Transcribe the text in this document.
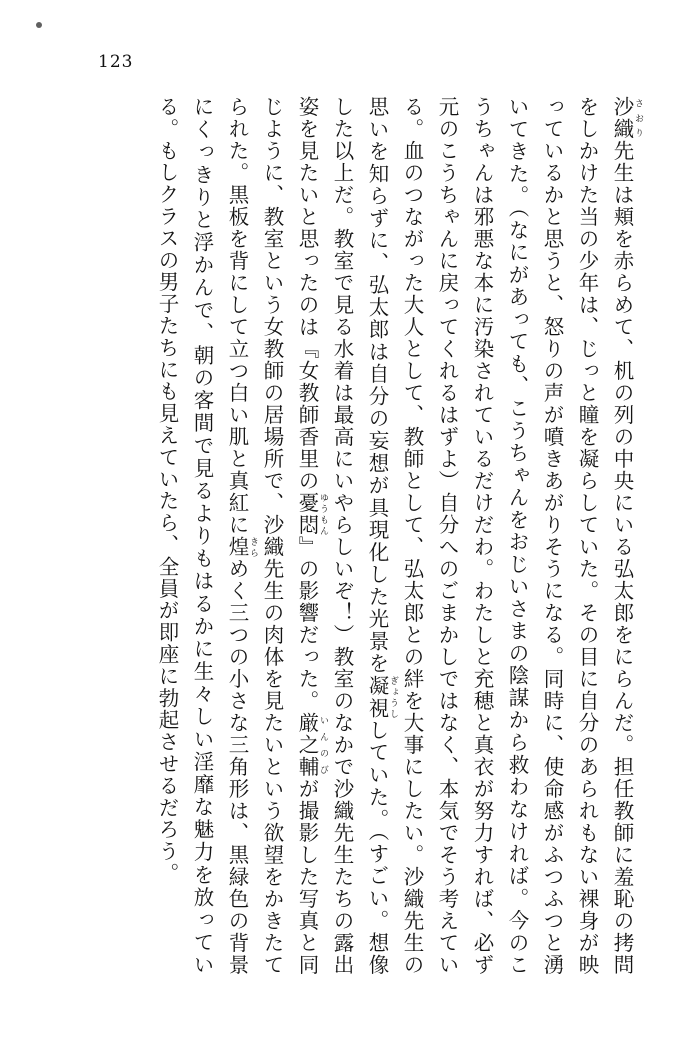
123

沙織 さおり先生は頬を赤らめて、机の列の中央にいる弘太郎をにらんだ。担任教師に羞恥の拷問をしかけた当の少年は、じっと瞳を凝らしていた。その目に自分のあられもない裸身が映っているかと思うと、怒りの声が噴きあがりそうになる。同時に、使命感がふつふつと湧いてきた。（なにがあっても、こうちゃんをおじいさまの陰謀から救わなければ。今のこうちゃんは邪悪な本に汚染されているだけだわ。わたしと充穂と真衣が努力すれば、必ず元のこうちゃんに戻ってくれるはずよ）自分へのごまかしではなく、本気でそう考えている。血のつながった大人として、教師として、弘太郎との絆を大事にしたい。沙織先生の思いを知らずに、弘太郎は自分の妄想が具現化した光景を凝視 ぎょうししていた。（すごい。想像した以上だ。教室で見る水着は最高にいやらしいぞ！）教室のなかで沙織先生たちの露出姿を見たいと思ったのは『女教師香里の憂悶 ゆうもん』の影響だった。厳之輔 いんのびが撮影した写真と同じように、教室という女教師の居場所で、沙織先生の肉体を見たいという欲望をかきたてられた。黒板を背にして立つ白い肌と真紅に煌 きらめく三つの小さな三角形は、黒緑色の背景にくっきりと浮かんで、朝の客間で見るよりもはるかに生々しい淫靡な魅力を放っている。もしクラスの男子たちにも見えていたら、全員が即座に勃起させるだろう。
